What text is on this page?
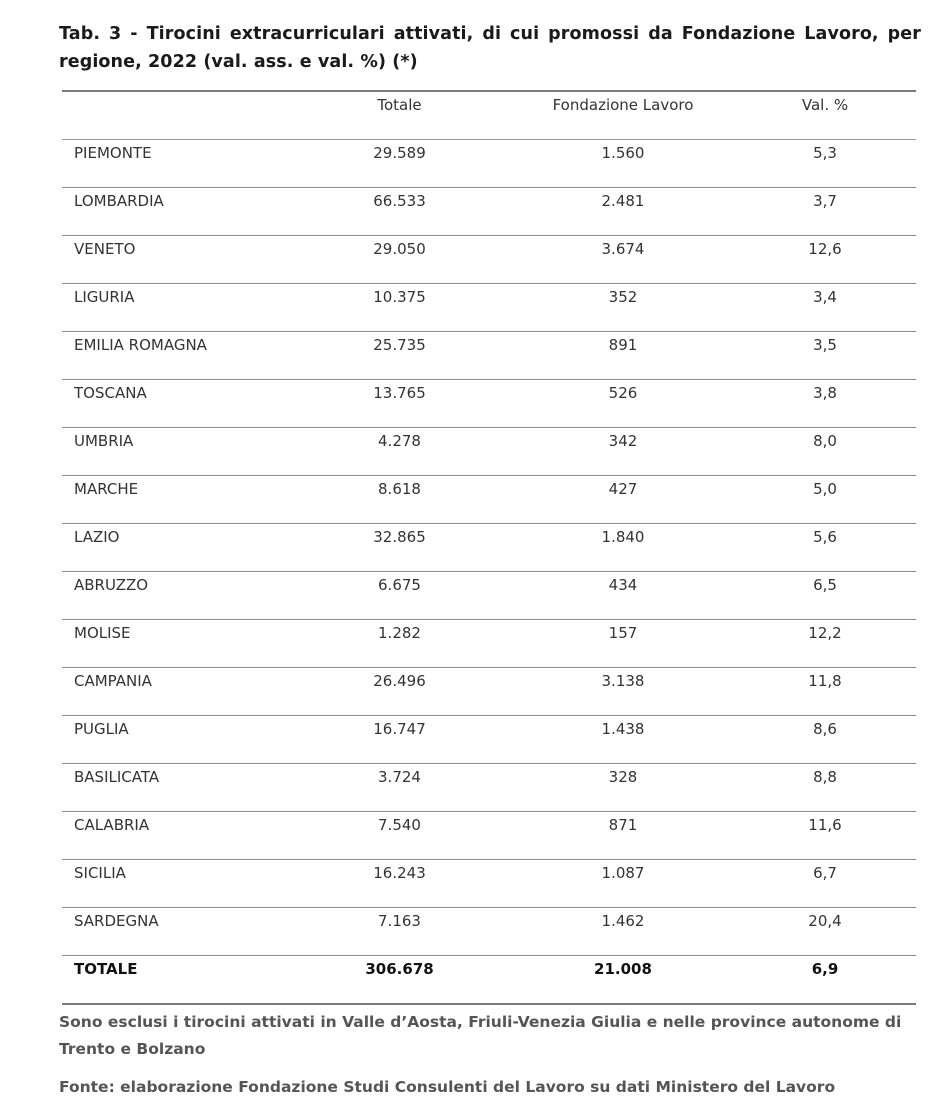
Tab. 3 - Tirocini extracurriculari attivati, di cui promossi da Fondazione Lavoro, per regione, 2022 (val. ass. e val. %) (*)
	Totale	Fondazione Lavoro	Val. %
PIEMONTE	29.589	1.560	5,3
LOMBARDIA	66.533	2.481	3,7
VENETO	29.050	3.674	12,6
LIGURIA	10.375	352	3,4
EMILIA ROMAGNA	25.735	891	3,5
TOSCANA	13.765	526	3,8
UMBRIA	4.278	342	8,0
MARCHE	8.618	427	5,0
LAZIO	32.865	1.840	5,6
ABRUZZO	6.675	434	6,5
MOLISE	1.282	157	12,2
CAMPANIA	26.496	3.138	11,8
PUGLIA	16.747	1.438	8,6
BASILICATA	3.724	328	8,8
CALABRIA	7.540	871	11,6
SICILIA	16.243	1.087	6,7
SARDEGNA	7.163	1.462	20,4
TOTALE	306.678	21.008	6,9
Sono esclusi i tirocini attivati in Valle d’Aosta, Friuli-Venezia Giulia e nelle province autonome di Trento e Bolzano
Fonte: elaborazione Fondazione Studi Consulenti del Lavoro su dati Ministero del Lavoro
